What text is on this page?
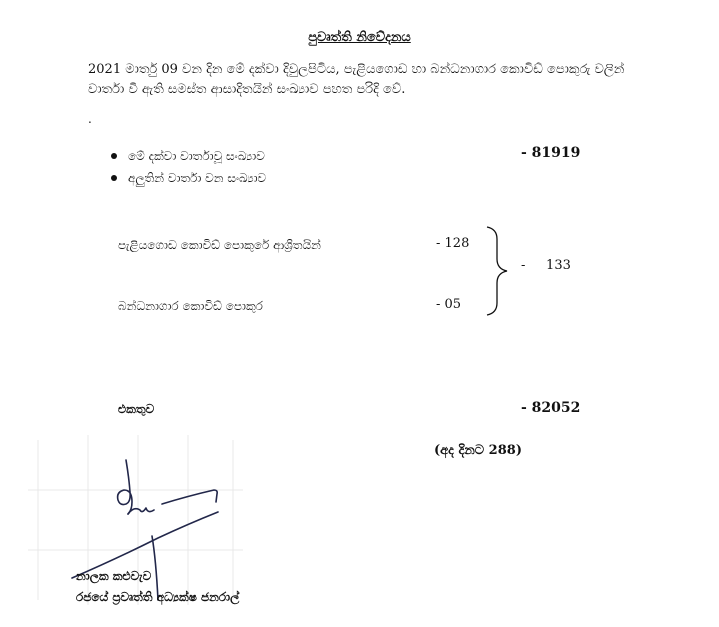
පුවෘත්ති නිවේදනය
2021 මාර්තු 09 වන දින මේ දක්වා දිවුලපිටිය, පැළියගොඩ හා බන්ධනාගාර කොවිඩ් පොකුරු වලින් වාර්තා වී ඇති සමස්ත ආසාදිතයින් සංඛ්‍යාව පහත පරිදි වේ.
.
මේ දක්වා වාර්තාවූ සංඛ්‍යාව
අලුතින් වාර්තා වන සංඛ්‍යාව
- 81919
පැළියගොඩ කොවිඩ් පොකුරේ ආශ්‍රිතයින්	- 128
බන්ධනාගාර කොවිඩ් පොකුර	- 05
-     133
එකතුව	- 82052
(අද දිනට 288)
නාලක කළුවැව
රජයේ ප්‍රවෘත්ති අධ්‍යක්ෂ ජනරාල්
